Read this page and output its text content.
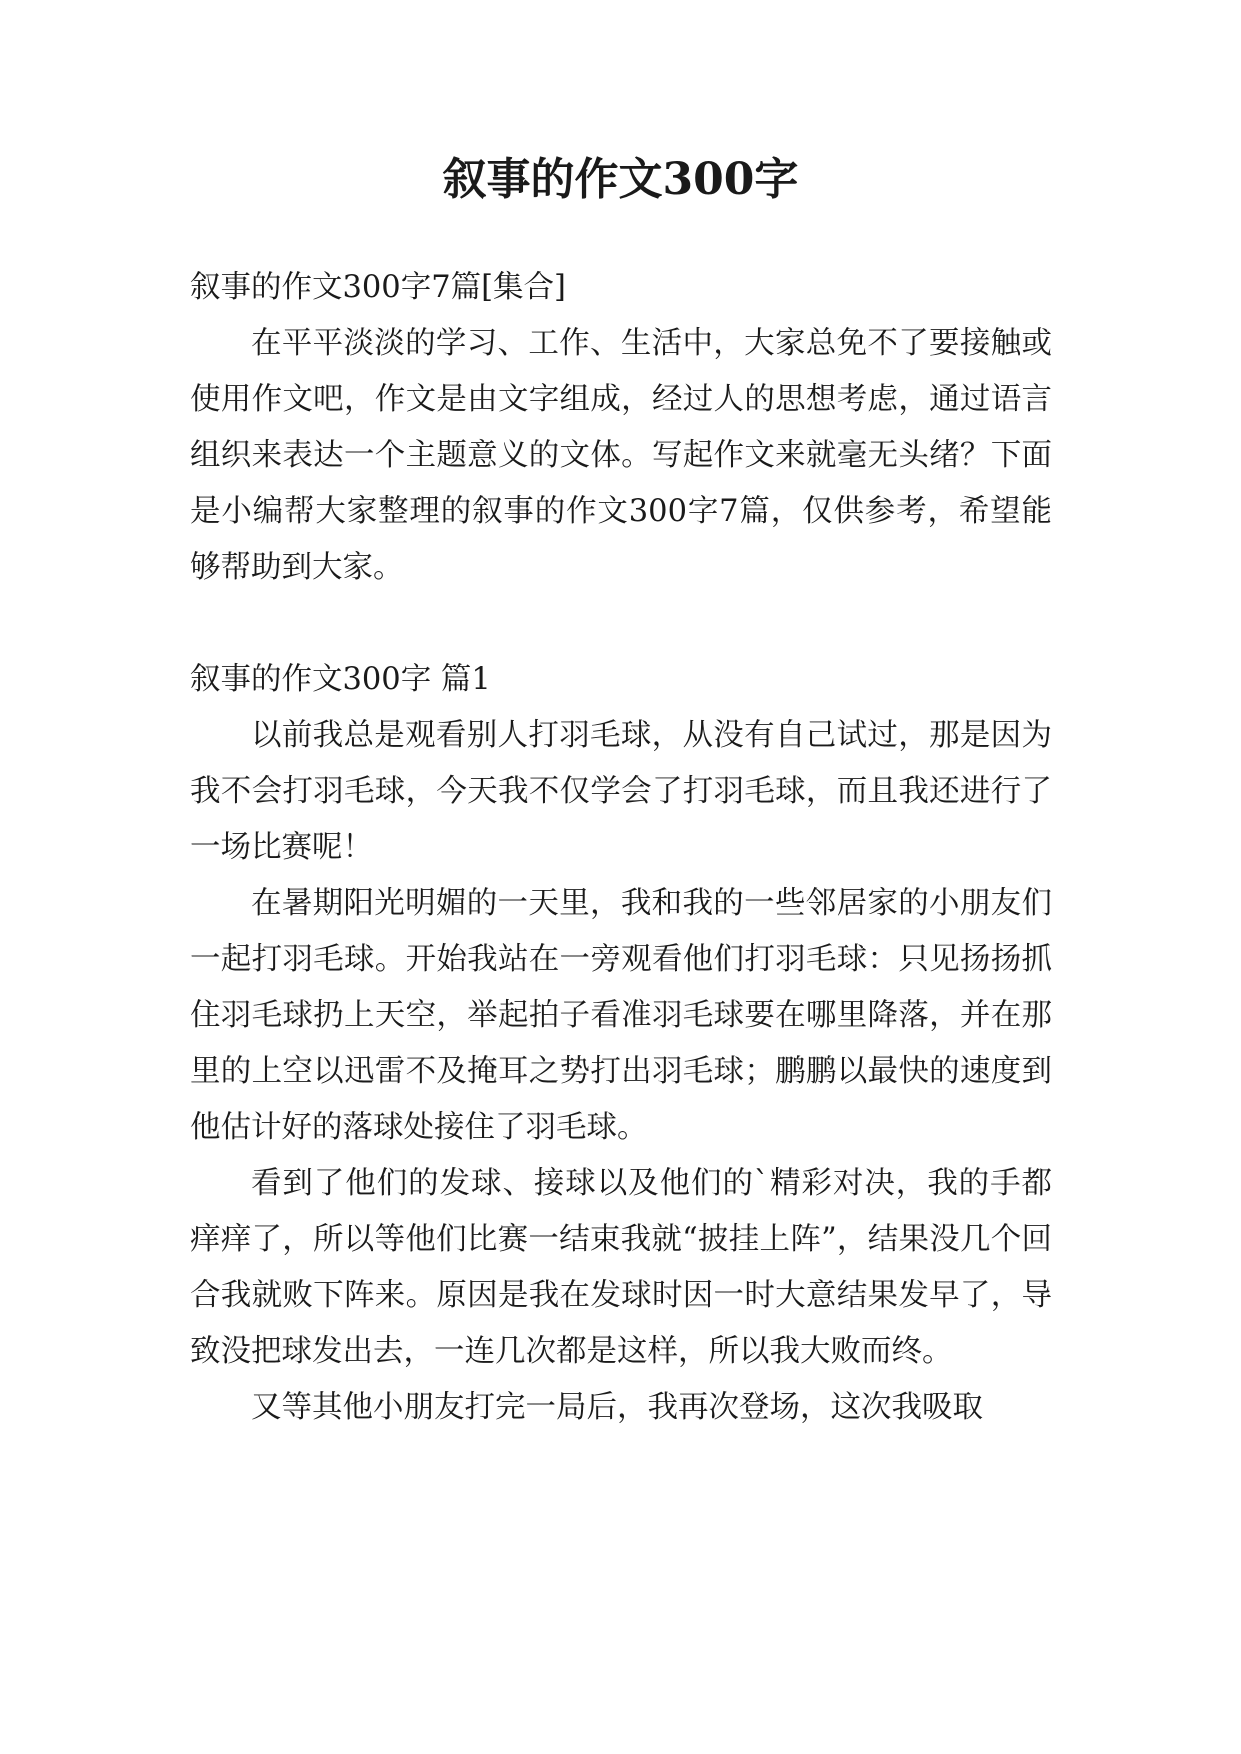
叙事的作文300字

叙事的作文300字7篇[集合]

在平平淡淡的学习、工作、生活中，大家总免不了要接触或使用作文吧，作文是由文字组成，经过人的思想考虑，通过语言组织来表达一个主题意义的文体。写起作文来就毫无头绪？下面是小编帮大家整理的叙事的作文300字7篇，仅供参考，希望能够帮助到大家。

叙事的作文300字 篇1

以前我总是观看别人打羽毛球，从没有自己试过，那是因为我不会打羽毛球，今天我不仅学会了打羽毛球，而且我还进行了一场比赛呢！

在暑期阳光明媚的一天里，我和我的一些邻居家的小朋友们一起打羽毛球。开始我站在一旁观看他们打羽毛球：只见扬扬抓住羽毛球扔上天空，举起拍子看准羽毛球要在哪里降落，并在那里的上空以迅雷不及掩耳之势打出羽毛球；鹏鹏以最快的速度到他估计好的落球处接住了羽毛球。

看到了他们的发球、接球以及他们的`精彩对决，我的手都痒痒了，所以等他们比赛一结束我就“披挂上阵”，结果没几个回合我就败下阵来。原因是我在发球时因一时大意结果发早了，导致没把球发出去，一连几次都是这样，所以我大败而终。

又等其他小朋友打完一局后，我再次登场，这次我吸取
